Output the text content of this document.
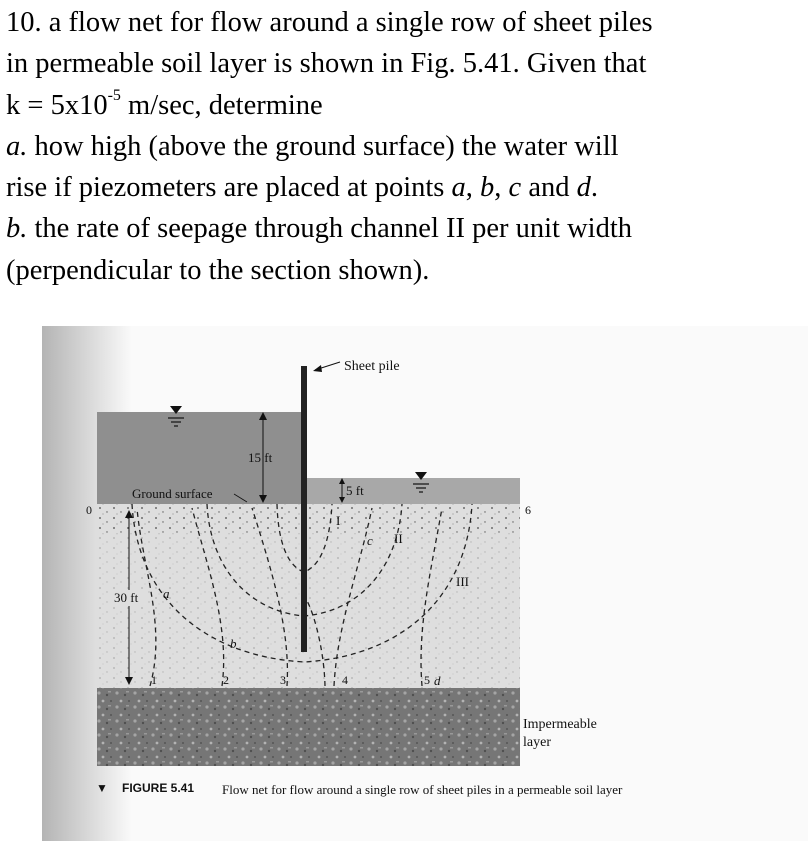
10. a flow net for flow around a single row of sheet piles
in permeable soil layer is shown in Fig. 5.41. Given that
$k = 5x10^{-5}$ m/sec, determine
a. how high (above the ground surface) the water will
rise if piezometers are placed at points a, b, c and d.
b. the rate of seepage through channel II per unit width
(perpendicular to the section shown).
15 ft
5 ft
30 ft
Sheet pile
Ground surface
0
1	2	3	4	5
6
a
b
c
d
I
II
III
Impermeable
layer
▼ FIGURE 5.41 Flow net for flow around a single row of sheet piles in a permeable soil layer
